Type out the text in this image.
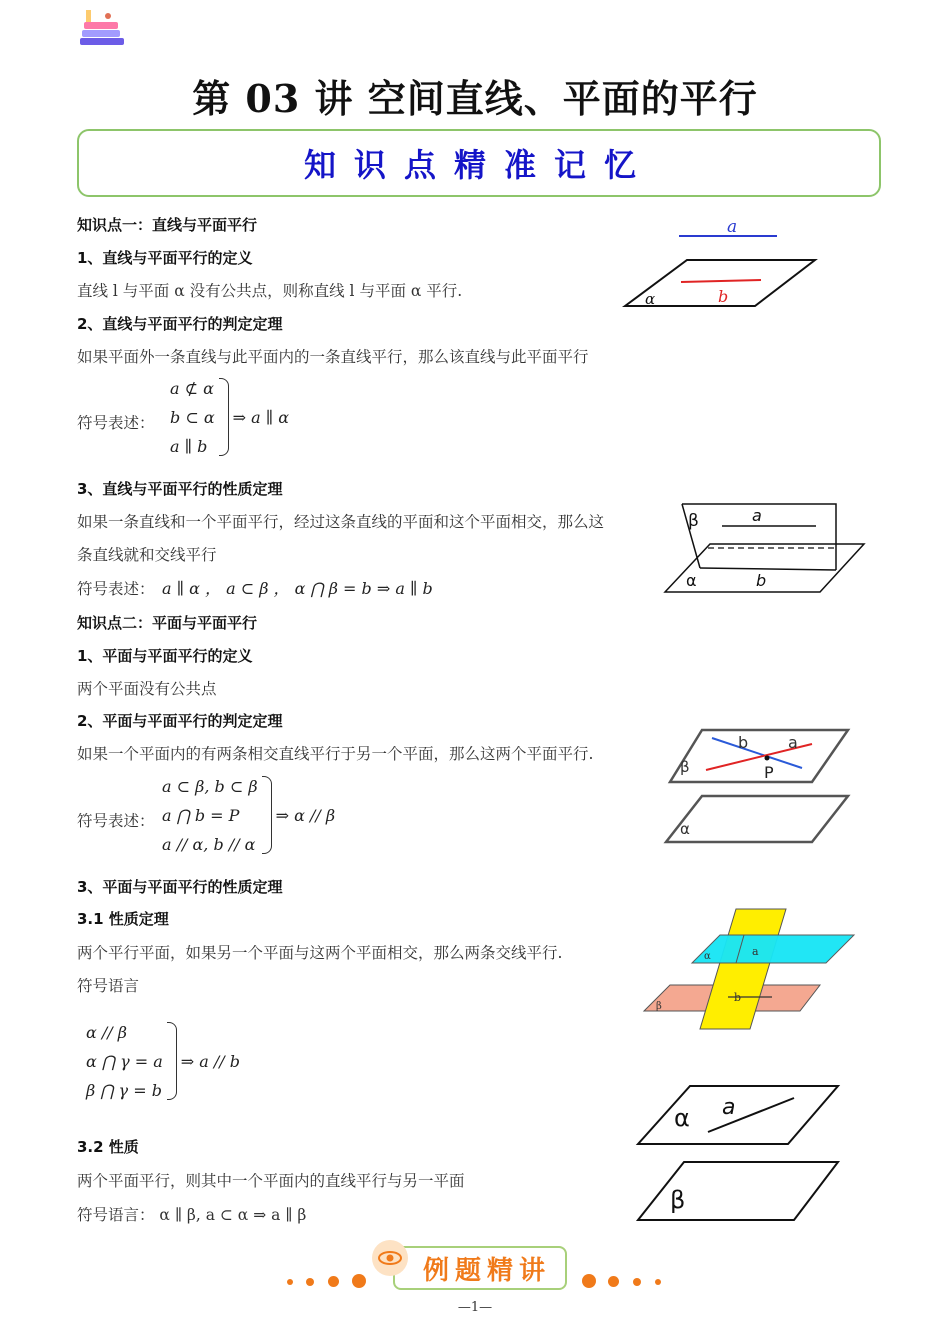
第 03 讲 空间直线、平面的平行
知识点精准记忆
知识点一：直线与平面平行
1、直线与平面平行的定义
直线 l 与平面 α 没有公共点，则称直线 l 与平面 α 平行.
2、直线与平面平行的判定定理
如果平面外一条直线与此平面内的一条直线平行，那么该直线与此平面平行
符号表述：
a ⊄ α
b ⊂ α
a ∥ b
⇒ a ∥ α
3、直线与平面平行的性质定理
如果一条直线和一个平面平行，经过这条直线的平面和这个平面相交，那么这
条直线就和交线平行
符号表述： a ∥ α ， a ⊂ β ， α ⋂ β = b ⇒ a ∥ b
知识点二：平面与平面平行
1、平面与平面平行的定义
两个平面没有公共点
2、平面与平面平行的判定定理
如果一个平面内的有两条相交直线平行于另一个平面，那么这两个平面平行.
符号表述：
a ⊂ β, b ⊂ β
a ⋂ b = P
a // α, b // α
⇒ α // β
3、平面与平面平行的性质定理
3.1 性质定理
两个平行平面，如果另一个平面与这两个平面相交，那么两条交线平行.
符号语言
α // β
α ⋂ γ = a
β ⋂ γ = b
⇒ a // b
3.2 性质
两个平面平行，则其中一个平面内的直线平行与另一平面
符号语言： α ∥ β, a ⊂ α ⇒ a ∥ β
a
b
α
β	a
α	b
b a
P
β
α
α	a
β
b
α a
β
例题精讲
—1—
